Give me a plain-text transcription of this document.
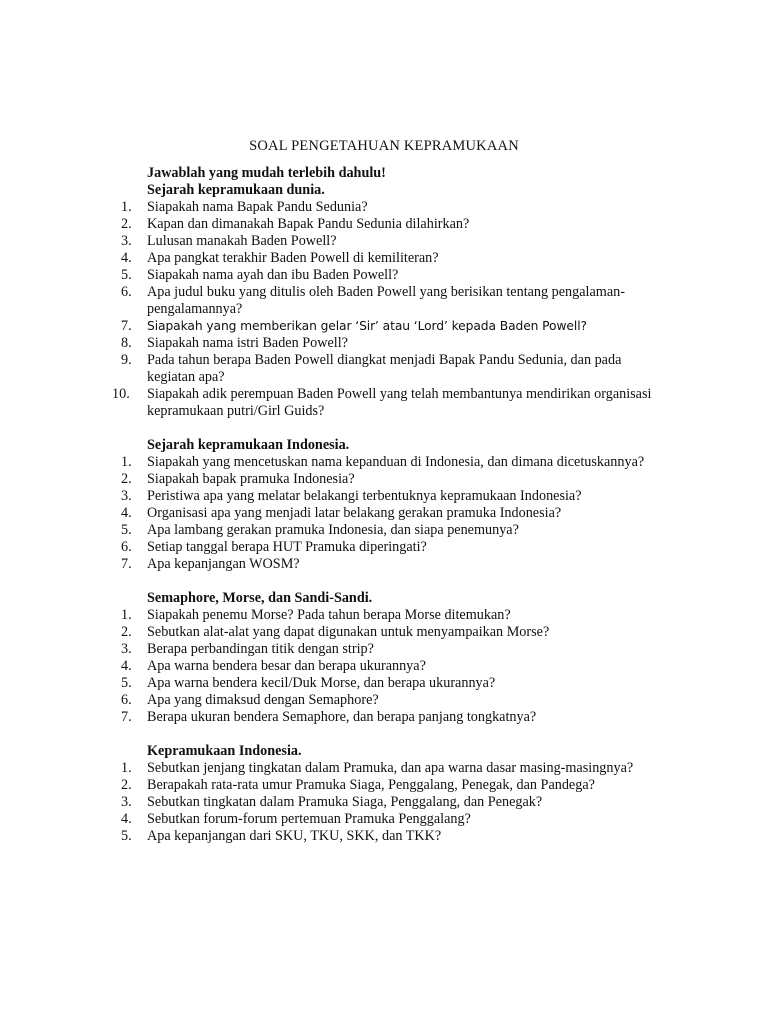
SOAL PENGETAHUAN KEPRAMUKAAN
Jawablah yang mudah terlebih dahulu!
Sejarah kepramukaan dunia.
1.	Siapakah nama Bapak Pandu Sedunia?
2.	Kapan dan dimanakah Bapak Pandu Sedunia dilahirkan?
3.	Lulusan manakah Baden Powell?
4.	Apa pangkat terakhir Baden Powell di kemiliteran?
5.	Siapakah nama ayah dan ibu Baden Powell?
6.	Apa judul buku yang ditulis oleh Baden Powell yang berisikan tentang pengalaman-pengalamannya?
7.	Siapakah yang memberikan gelar ‘Sir’ atau ‘Lord’ kepada Baden Powell?
8.	Siapakah nama istri Baden Powell?
9.	Pada tahun berapa Baden Powell diangkat menjadi Bapak Pandu Sedunia, dan pada kegiatan apa?
10.	Siapakah adik perempuan Baden Powell yang telah membantunya mendirikan organisasi kepramukaan putri/Girl Guids?
Sejarah kepramukaan Indonesia.
1.	Siapakah yang mencetuskan nama kepanduan di Indonesia, dan dimana dicetuskannya?
2.	Siapakah bapak pramuka Indonesia?
3.	Peristiwa apa yang melatar belakangi terbentuknya kepramukaan Indonesia?
4.	Organisasi apa yang menjadi latar belakang gerakan pramuka Indonesia?
5.	Apa lambang gerakan pramuka Indonesia, dan siapa penemunya?
6.	Setiap tanggal berapa HUT Pramuka diperingati?
7.	Apa kepanjangan WOSM?
Semaphore, Morse, dan Sandi-Sandi.
1.	Siapakah penemu Morse? Pada tahun berapa Morse ditemukan?
2.	Sebutkan alat-alat yang dapat digunakan untuk menyampaikan Morse?
3.	Berapa perbandingan titik dengan strip?
4.	Apa warna bendera besar dan berapa ukurannya?
5.	Apa warna bendera kecil/Duk Morse, dan berapa ukurannya?
6.	Apa yang dimaksud dengan Semaphore?
7.	Berapa ukuran bendera Semaphore, dan berapa panjang tongkatnya?
Kepramukaan Indonesia.
1.	Sebutkan jenjang tingkatan dalam Pramuka, dan apa warna dasar masing-masingnya?
2.	Berapakah rata-rata umur Pramuka Siaga, Penggalang, Penegak, dan Pandega?
3.	Sebutkan tingkatan dalam Pramuka Siaga, Penggalang, dan Penegak?
4.	Sebutkan forum-forum pertemuan Pramuka Penggalang?
5.	Apa kepanjangan dari SKU, TKU, SKK, dan TKK?
